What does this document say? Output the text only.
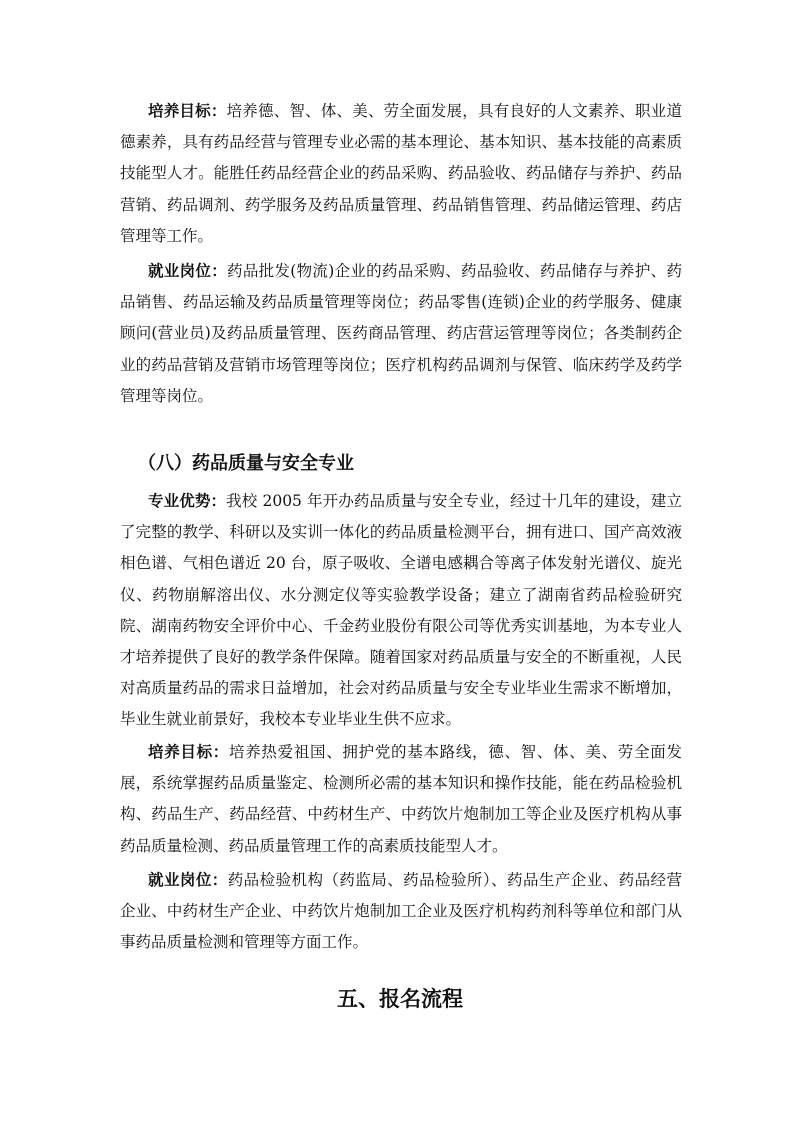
培养目标：培养德、智、体、美、劳全面发展，具有良好的人文素养、职业道德素养，具有药品经营与管理专业必需的基本理论、基本知识、基本技能的高素质技能型人才。能胜任药品经营企业的药品采购、药品验收、药品储存与养护、药品营销、药品调剂、药学服务及药品质量管理、药品销售管理、药品储运管理、药店管理等工作。

就业岗位：药品批发(物流)企业的药品采购、药品验收、药品储存与养护、药品销售、药品运输及药品质量管理等岗位；药品零售(连锁)企业的药学服务、健康顾问(营业员)及药品质量管理、医药商品管理、药店营运管理等岗位；各类制药企业的药品营销及营销市场管理等岗位；医疗机构药品调剂与保管、临床药学及药学管理等岗位。

（八）药品质量与安全专业

专业优势：我校 2005 年开办药品质量与安全专业，经过十几年的建设，建立了完整的教学、科研以及实训一体化的药品质量检测平台，拥有进口、国产高效液相色谱、气相色谱近 20 台，原子吸收、全谱电感耦合等离子体发射光谱仪、旋光仪、药物崩解溶出仪、水分测定仪等实验教学设备；建立了湖南省药品检验研究院、湖南药物安全评价中心、千金药业股份有限公司等优秀实训基地，为本专业人才培养提供了良好的教学条件保障。随着国家对药品质量与安全的不断重视，人民对高质量药品的需求日益增加，社会对药品质量与安全专业毕业生需求不断增加，毕业生就业前景好，我校本专业毕业生供不应求。

培养目标：培养热爱祖国、拥护党的基本路线，德、智、体、美、劳全面发展，系统掌握药品质量鉴定、检测所必需的基本知识和操作技能，能在药品检验机构、药品生产、药品经营、中药材生产、中药饮片炮制加工等企业及医疗机构从事药品质量检测、药品质量管理工作的高素质技能型人才。

就业岗位：药品检验机构（药监局、药品检验所）、药品生产企业、药品经营企业、中药材生产企业、中药饮片炮制加工企业及医疗机构药剂科等单位和部门从事药品质量检测和管理等方面工作。

五、报名流程
